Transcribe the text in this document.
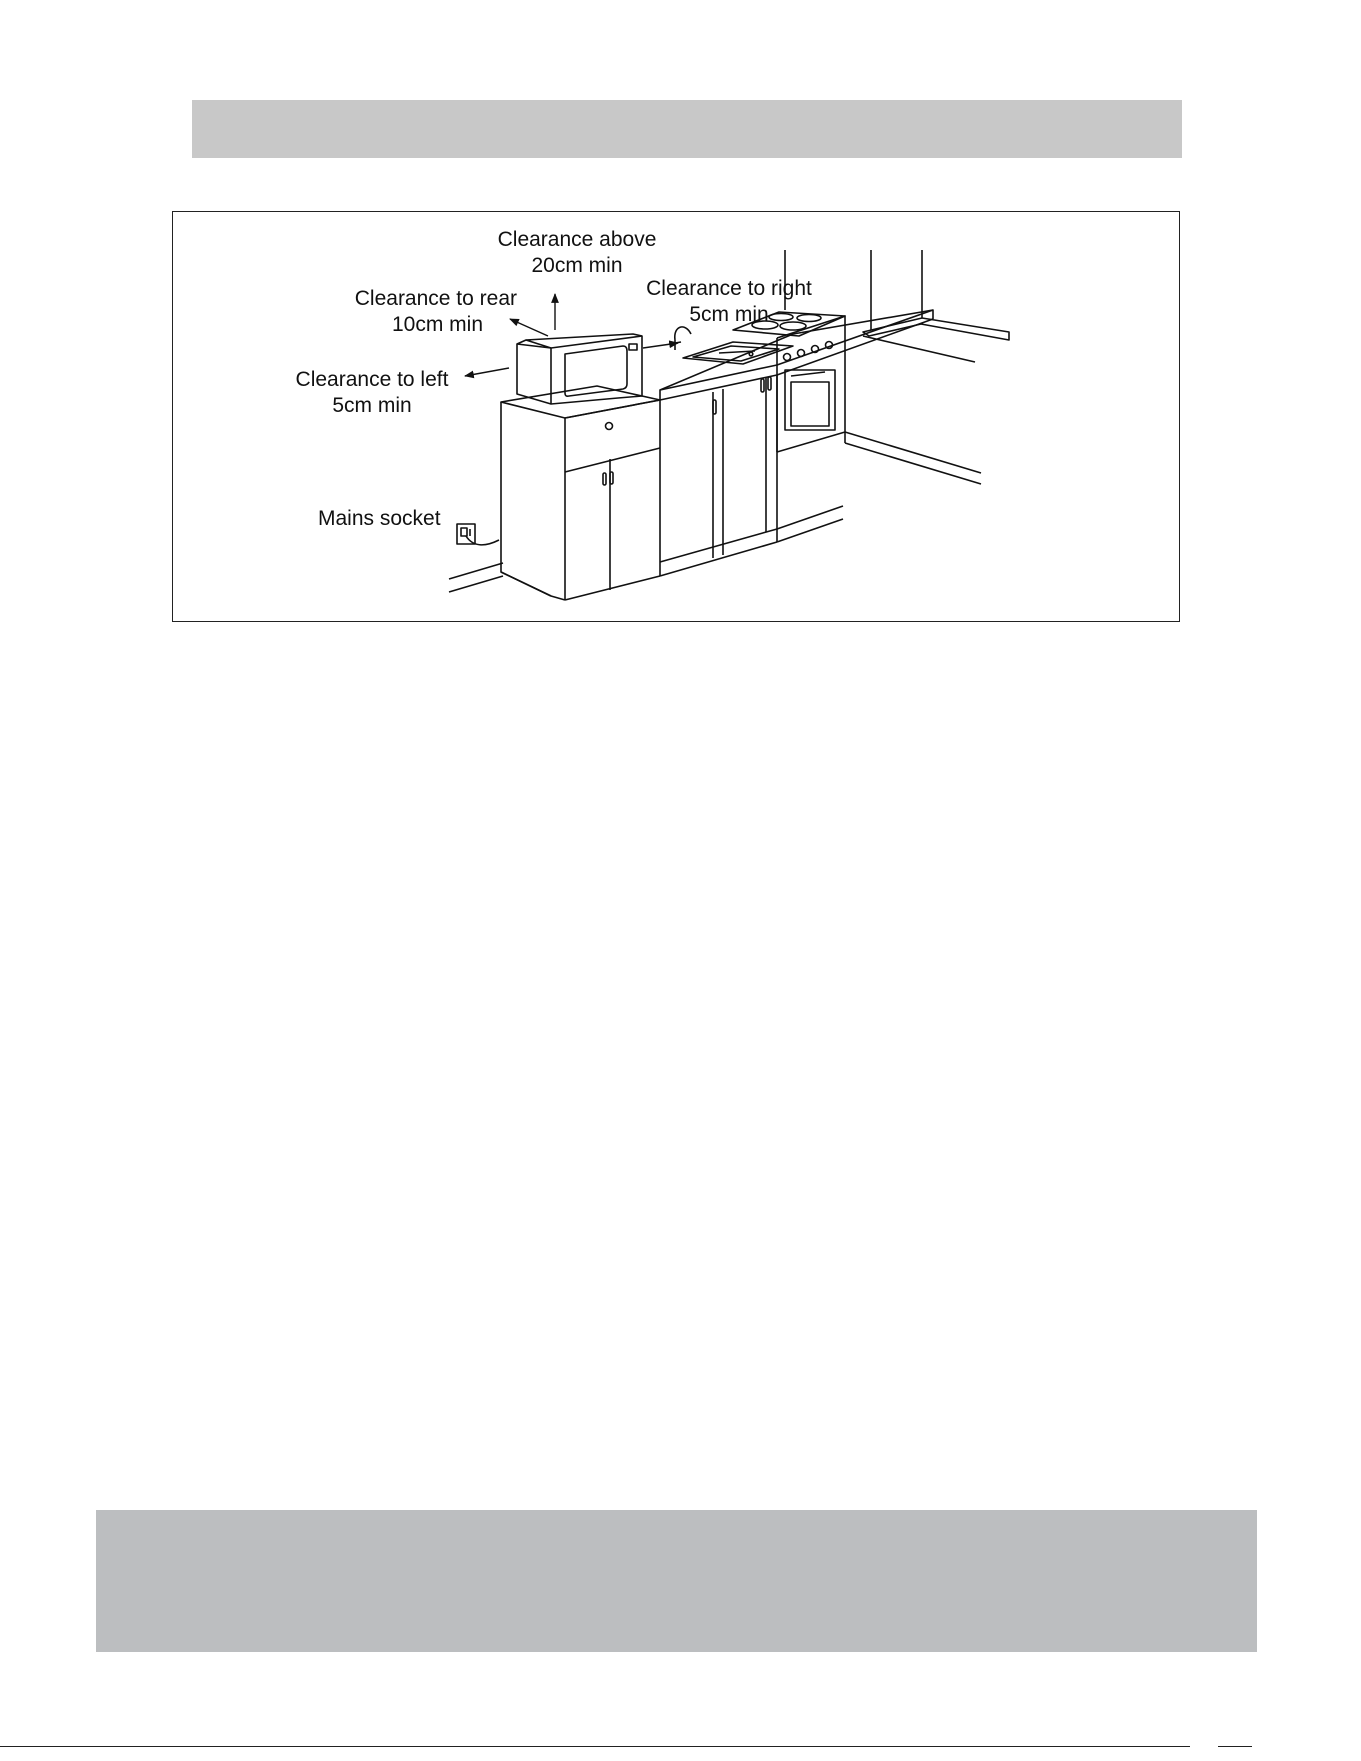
Clearance above
20cm min
Clearance to rear
10cm min
Clearance to right
5cm min
Clearance to left
5cm min
Mains socket
